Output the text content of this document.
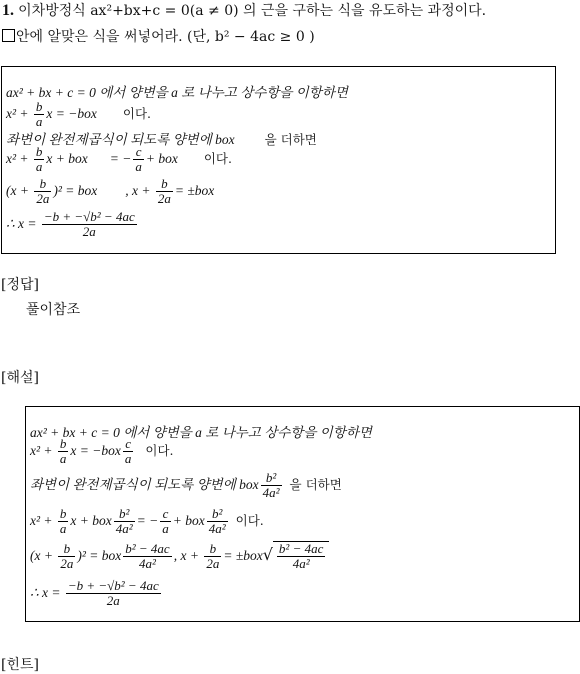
1. 이차방정식 ax²+bx+c = 0(a ≠ 0) 의 근을 구하는 식을 유도하는 과정이다.
안에 알맞은 식을 써넣어라. (단, b² − 4ac ≥ 0 )
ax² + bx + c = 0 에서 양변을 a 로 나누고 상수항을 이항하면
$x^2 + \frac{b}{a}$ x = −box 이다.
좌변이 완전제곱식이 되도록 양변에 box 을 더하면
$x^2 + \frac{b}{a}$ x + box = − $\frac{c}{a}$ + box 이다.
$(x + \frac{b}{2a} )^2$ = box , $x + \frac{b}{2a} = \pm box$
∴ $x = \frac{\text{−b + −√b² − 4ac}}{2a}$
[정답]
풀이참조
[해설]
ax² + bx + c = 0 에서 양변을 a 로 나누고 상수항을 이항하면
$x^2 + \frac{b}{a}$ $x = -box \frac{c}{a}$ 이다.
좌변이 완전제곱식이 되도록 양변에 box $\frac{\text{b²}}{\text{4a²}}$ 을 더하면
$x^2 + \frac{b}{a}$ x + box $\frac{\text{b²}}{\text{4a²}}$ = − $\frac{c}{a}$ + box $\frac{\text{b²}}{\text{4a²}}$ 이다.
$(x + \frac{b}{2a} )^2$ = box $\frac{\text{b² − 4ac}}{\text{4a²}}$ , $x + \frac{b}{2a} = \pm box√ \frac{\text{b² − 4ac}}{\text{4a²}}$
∴ $x = \frac{\text{−b + −√b² − 4ac}}{2a}$
[힌트]
